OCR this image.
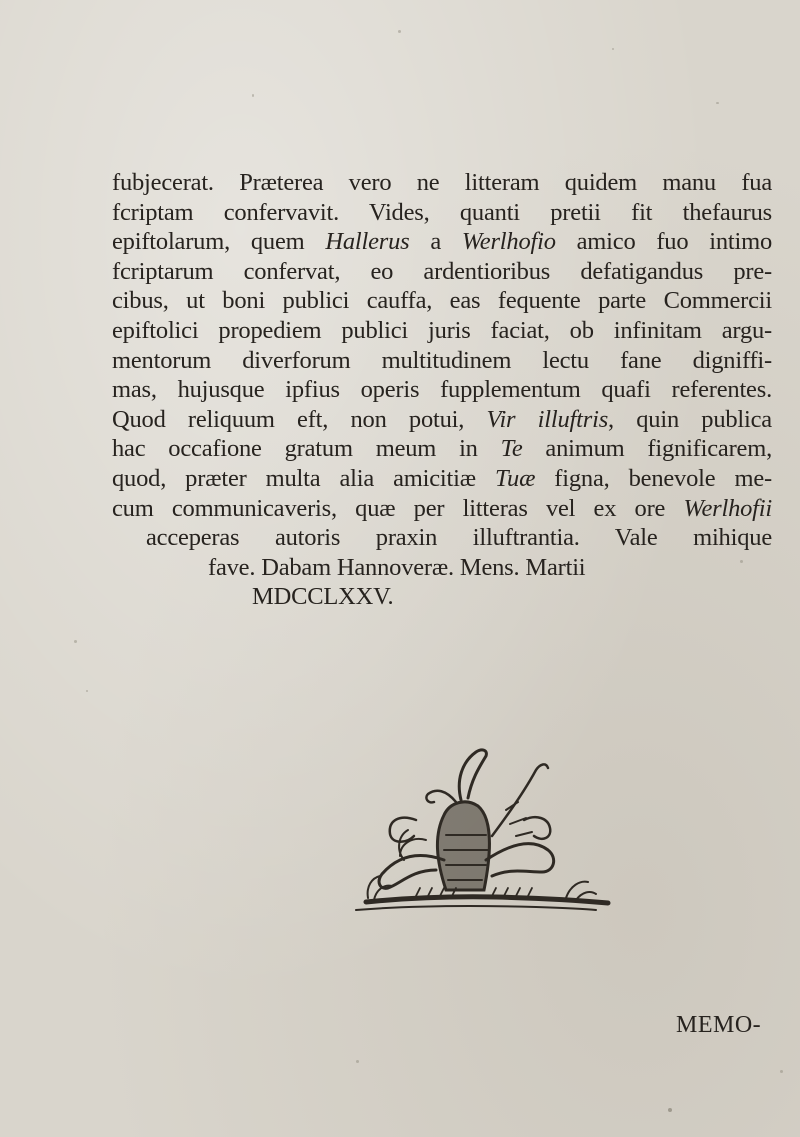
fubjecerat. Præterea vero ne litteram quidem manu fua
fcriptam confervavit. Vides, quanti pretii fit thefaurus
epiftolarum, quem Hallerus a Werlhofio amico fuo intimo
fcriptarum confervat, eo ardentioribus defatigandus pre-
cibus, ut boni publici cauffa, eas fequente parte Commercii
epiftolici propediem publici juris faciat, ob infinitam argu-
mentorum diverforum multitudinem lectu fane digniffi-
mas, hujusque ipfius operis fupplementum quafi referentes.
Quod reliquum eft, non potui, Vir illuftris, quin publica
hac occafione gratum meum in Te animum fignificarem,
quod, præter multa alia amicitiæ Tuæ figna, benevole me-
cum communicaveris, quæ per litteras vel ex ore Werlhofii
acceperas autoris praxin illuftrantia. Vale mihique
fave. Dabam Hannoveræ. Mens. Martii
MDCCLXXV.
MEMO-
